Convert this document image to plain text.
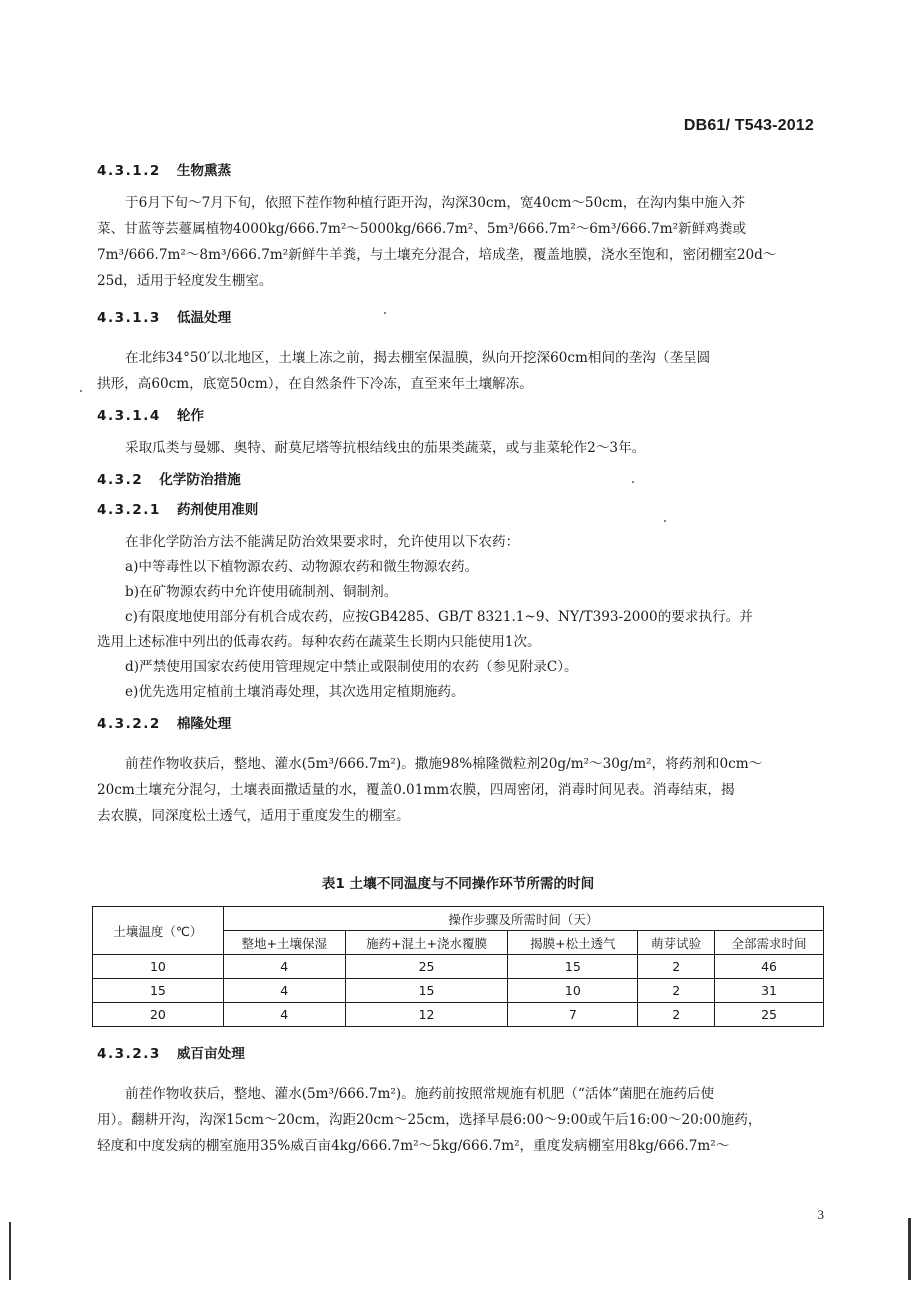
DB61/ T543-2012
4.3.1.2 生物熏蒸

于6月下旬～7月下旬，依照下茬作物种植行距开沟，沟深30cm，宽40cm～50cm，在沟内集中施入芥

菜、甘蓝等芸薹属植物4000kg/666.7m²～5000kg/666.7m²、5m³/666.7m²～6m³/666.7m²新鲜鸡粪或

7m³/666.7m²～8m³/666.7m²新鲜牛羊粪，与土壤充分混合，培成垄，覆盖地膜，浇水至饱和，密闭棚室20d～

25d，适用于轻度发生棚室。

4.3.1.3 低温处理

在北纬34°50′以北地区，土壤上冻之前，揭去棚室保温膜，纵向开挖深60cm相间的垄沟（垄呈圆

拱形，高60cm，底宽50cm），在自然条件下冷冻，直至来年土壤解冻。

4.3.1.4 轮作

采取瓜类与曼娜、奥特、耐莫尼塔等抗根结线虫的茄果类蔬菜，或与韭菜轮作2～3年。

4.3.2 化学防治措施
4.3.2.1 药剂使用准则

在非化学防治方法不能满足防治效果要求时，允许使用以下农药：

a)中等毒性以下植物源农药、动物源农药和微生物源农药。

b)在矿物源农药中允许使用硫制剂、铜制剂。

c)有限度地使用部分有机合成农药，应按GB4285、GB/T 8321.1~9、NY/T393-2000的要求执行。并

选用上述标准中列出的低毒农药。每种农药在蔬菜生长期内只能使用1次。

d)严禁使用国家农药使用管理规定中禁止或限制使用的农药（参见附录C）。

e)优先选用定植前土壤消毒处理，其次选用定植期施药。

4.3.2.2 棉隆处理

前茬作物收获后，整地、灌水(5m³/666.7m²)。撒施98%棉隆微粒剂20g/m²～30g/m²，将药剂和0cm～

20cm土壤充分混匀，土壤表面撒适量的水，覆盖0.01mm农膜，四周密闭，消毒时间见表。消毒结束，揭

去农膜，同深度松土透气，适用于重度发生的棚室。

表1 土壤不同温度与不同操作环节所需的时间
土壤温度（℃）	操作步骤及所需时间（天）				
	整地+土壤保湿	施药+混土+浇水覆膜	揭膜+松土透气	萌芽试验	全部需求时间
10	4	25	15	2	46
15	4	15	10	2	31
20	4	12	7	2	25
4.3.2.3 威百亩处理

前茬作物收获后，整地、灌水(5m³/666.7m²)。施药前按照常规施有机肥（“活体”菌肥在施药后使

用）。翻耕开沟，沟深15cm～20cm，沟距20cm～25cm，选择早晨6:00～9:00或午后16:00～20:00施药，

轻度和中度发病的棚室施用35%威百亩4kg/666.7m²～5kg/666.7m²，重度发病棚室用8kg/666.7m²～

3
